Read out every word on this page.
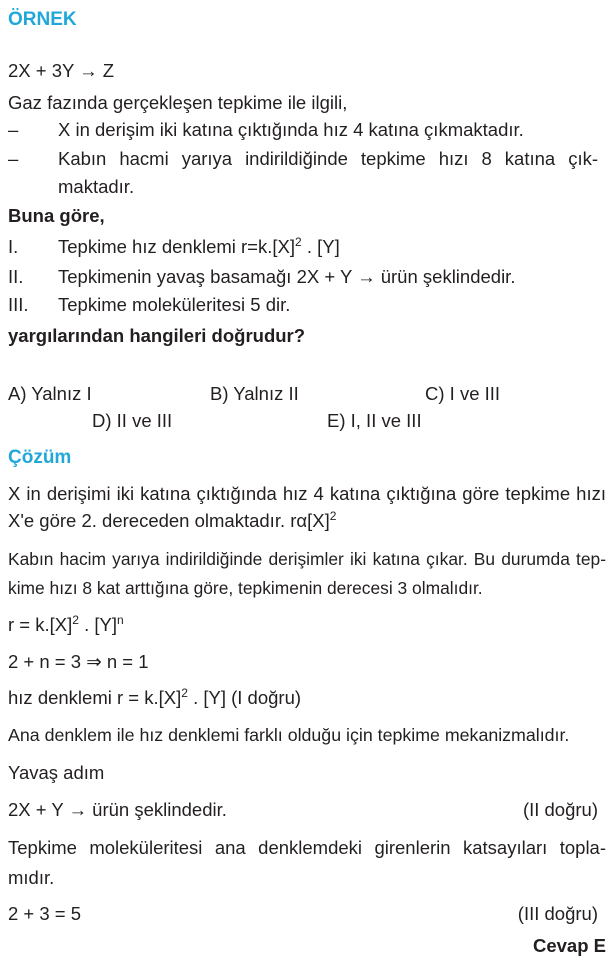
ÖRNEK
2X + 3Y → Z
Gaz fazında gerçekleşen tepkime ile ilgili,
– X in derişim iki katına çıktığında hız 4 katına çıkmaktadır.
– Kabın hacmi yarıya indirildiğinde tepkime hızı 8 katına çık-
maktadır.
Buna göre,
I. Tepkime hız denklemi $r=k.[X]^2$ . [Y]
II. Tepkimenin yavaş basamağı 2X + Y → ürün şeklindedir.
III. Tepkime moleküleritesi 5 dir.
yargılarından hangileri doğrudur?
A) Yalnız I	B) Yalnız II	C) I ve III
D) II ve III	E) I, II ve III
Çözüm
X in derişimi iki katına çıktığında hız 4 katına çıktığına göre tepkime hızı
X'e göre 2. dereceden olmaktadır. $r\alpha[X]^2$
Kabın hacim yarıya indirildiğinde derişimler iki katına çıkar. Bu durumda tep-
kime hızı 8 kat arttığına göre, tepkimenin derecesi 3 olmalıdır.
$r = k.[X]^2$ . $[Y]^n$
2 + n = 3 ⇒ n = 1
hız denklemi $r = k.[X]^2$ . [Y] (I doğru)
Ana denklem ile hız denklemi farklı olduğu için tepkime mekanizmalıdır.
Yavaş adım
2X + Y → ürün şeklindedir.	(II doğru)
Tepkime moleküleritesi ana denklemdeki girenlerin katsayıları topla-
mıdır.
2 + 3 = 5	(III doğru)
Cevap E
